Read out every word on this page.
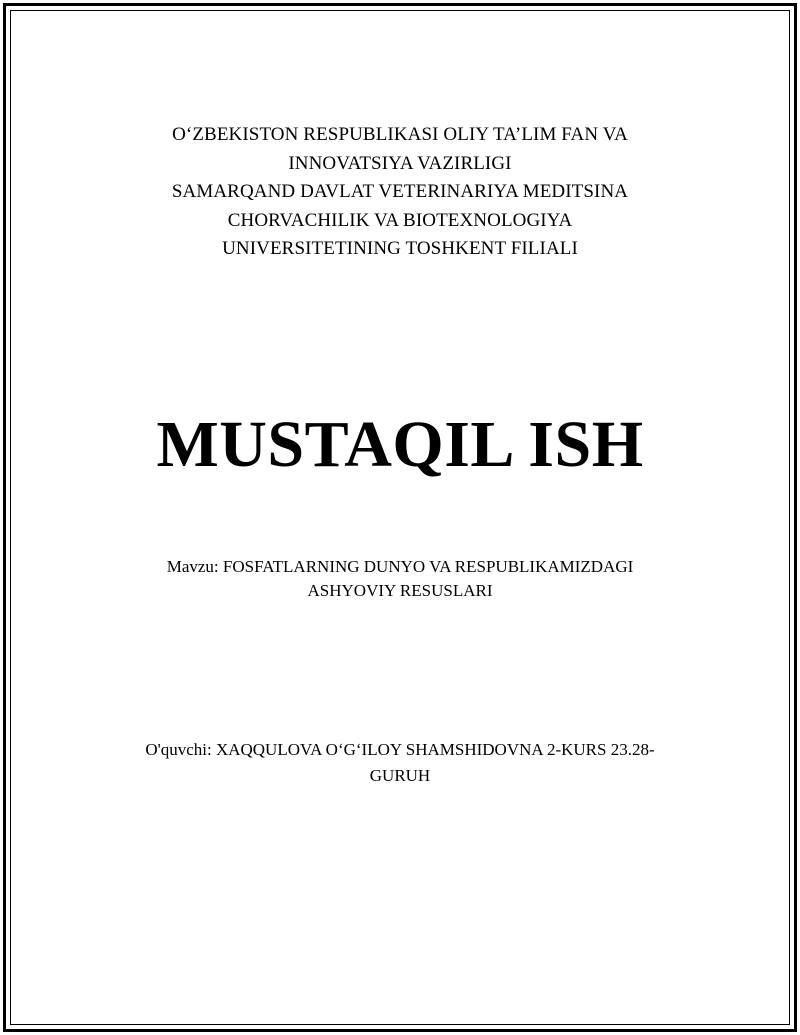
O‘ZBEKISTON RESPUBLIKASI OLIY TA’LIM FAN VA
INNOVATSIYA VAZIRLIGI
SAMARQAND DAVLAT VETERINARIYA MEDITSINA
CHORVACHILIK VA BIOTEXNOLOGIYA
UNIVERSITETINING TOSHKENT FILIALI
MUSTAQIL ISH
Mavzu: FOSFATLARNING DUNYO VA RESPUBLIKAMIZDAGI
ASHYOVIY RESUSLARI
O'quvchi: XAQQULOVA O‘G‘ILOY SHAMSHIDOVNA 2-KURS 23.28-
GURUH
